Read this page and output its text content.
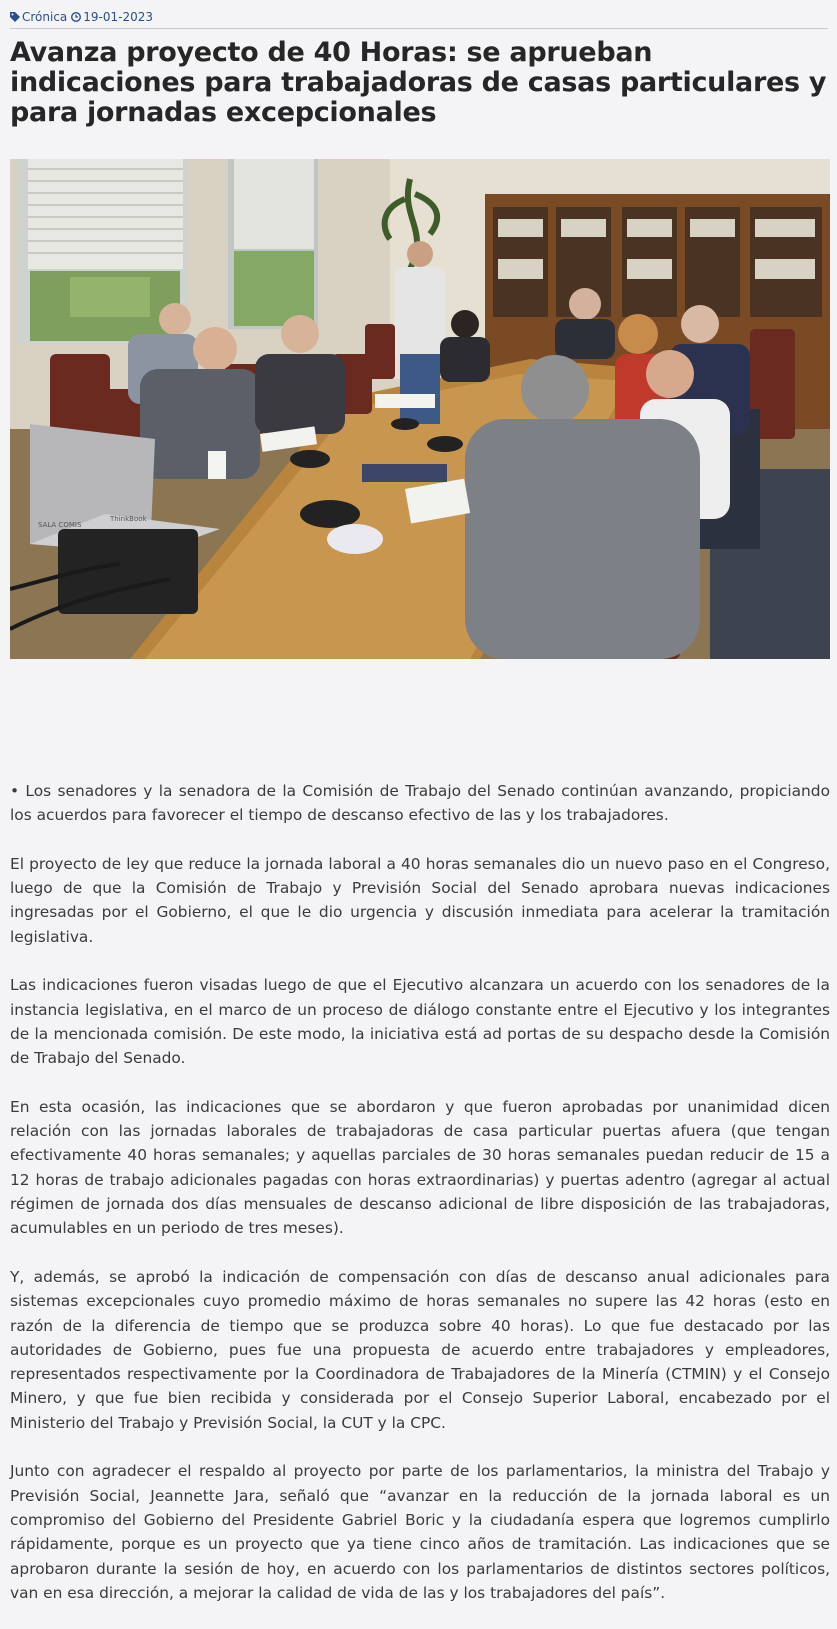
Crónica 19-01-2023
Avanza proyecto de 40 Horas: se aprueban indicaciones para trabajadoras de casas particulares y para jornadas excepcionales
SALA COMIS
ThinkBook

• Los senadores y la senadora de la Comisión de Trabajo del Senado continúan avanzando, propiciando los acuerdos para favorecer el tiempo de descanso efectivo de las y los trabajadores.

El proyecto de ley que reduce la jornada laboral a 40 horas semanales dio un nuevo paso en el Congreso, luego de que la Comisión de Trabajo y Previsión Social del Senado aprobara nuevas indicaciones ingresadas por el Gobierno, el que le dio urgencia y discusión inmediata para acelerar la tramitación legislativa.

Las indicaciones fueron visadas luego de que el Ejecutivo alcanzara un acuerdo con los senadores de la instancia legislativa, en el marco de un proceso de diálogo constante entre el Ejecutivo y los integrantes de la mencionada comisión. De este modo, la iniciativa está ad portas de su despacho desde la Comisión de Trabajo del Senado.

En esta ocasión, las indicaciones que se abordaron y que fueron aprobadas por unanimidad dicen relación con las jornadas laborales de trabajadoras de casa particular puertas afuera (que tengan efectivamente 40 horas semanales; y aquellas parciales de 30 horas semanales puedan reducir de 15 a 12 horas de trabajo adicionales pagadas con horas extraordinarias) y puertas adentro (agregar al actual régimen de jornada dos días mensuales de descanso adicional de libre disposición de las trabajadoras, acumulables en un periodo de tres meses).

Y, además, se aprobó la indicación de compensación con días de descanso anual adicionales para sistemas excepcionales cuyo promedio máximo de horas semanales no supere las 42 horas (esto en razón de la diferencia de tiempo que se produzca sobre 40 horas). Lo que fue destacado por las autoridades de Gobierno, pues fue una propuesta de acuerdo entre trabajadores y empleadores, representados respectivamente por la Coordinadora de Trabajadores de la Minería (CTMIN) y el Consejo Minero, y que fue bien recibida y considerada por el Consejo Superior Laboral, encabezado por el Ministerio del Trabajo y Previsión Social, la CUT y la CPC.

Junto con agradecer el respaldo al proyecto por parte de los parlamentarios, la ministra del Trabajo y Previsión Social, Jeannette Jara, señaló que “avanzar en la reducción de la jornada laboral es un compromiso del Gobierno del Presidente Gabriel Boric y la ciudadanía espera que logremos cumplirlo rápidamente, porque es un proyecto que ya tiene cinco años de tramitación. Las indicaciones que se aprobaron durante la sesión de hoy, en acuerdo con los parlamentarios de distintos sectores políticos, van en esa dirección, a mejorar la calidad de vida de las y los trabajadores del país”.
